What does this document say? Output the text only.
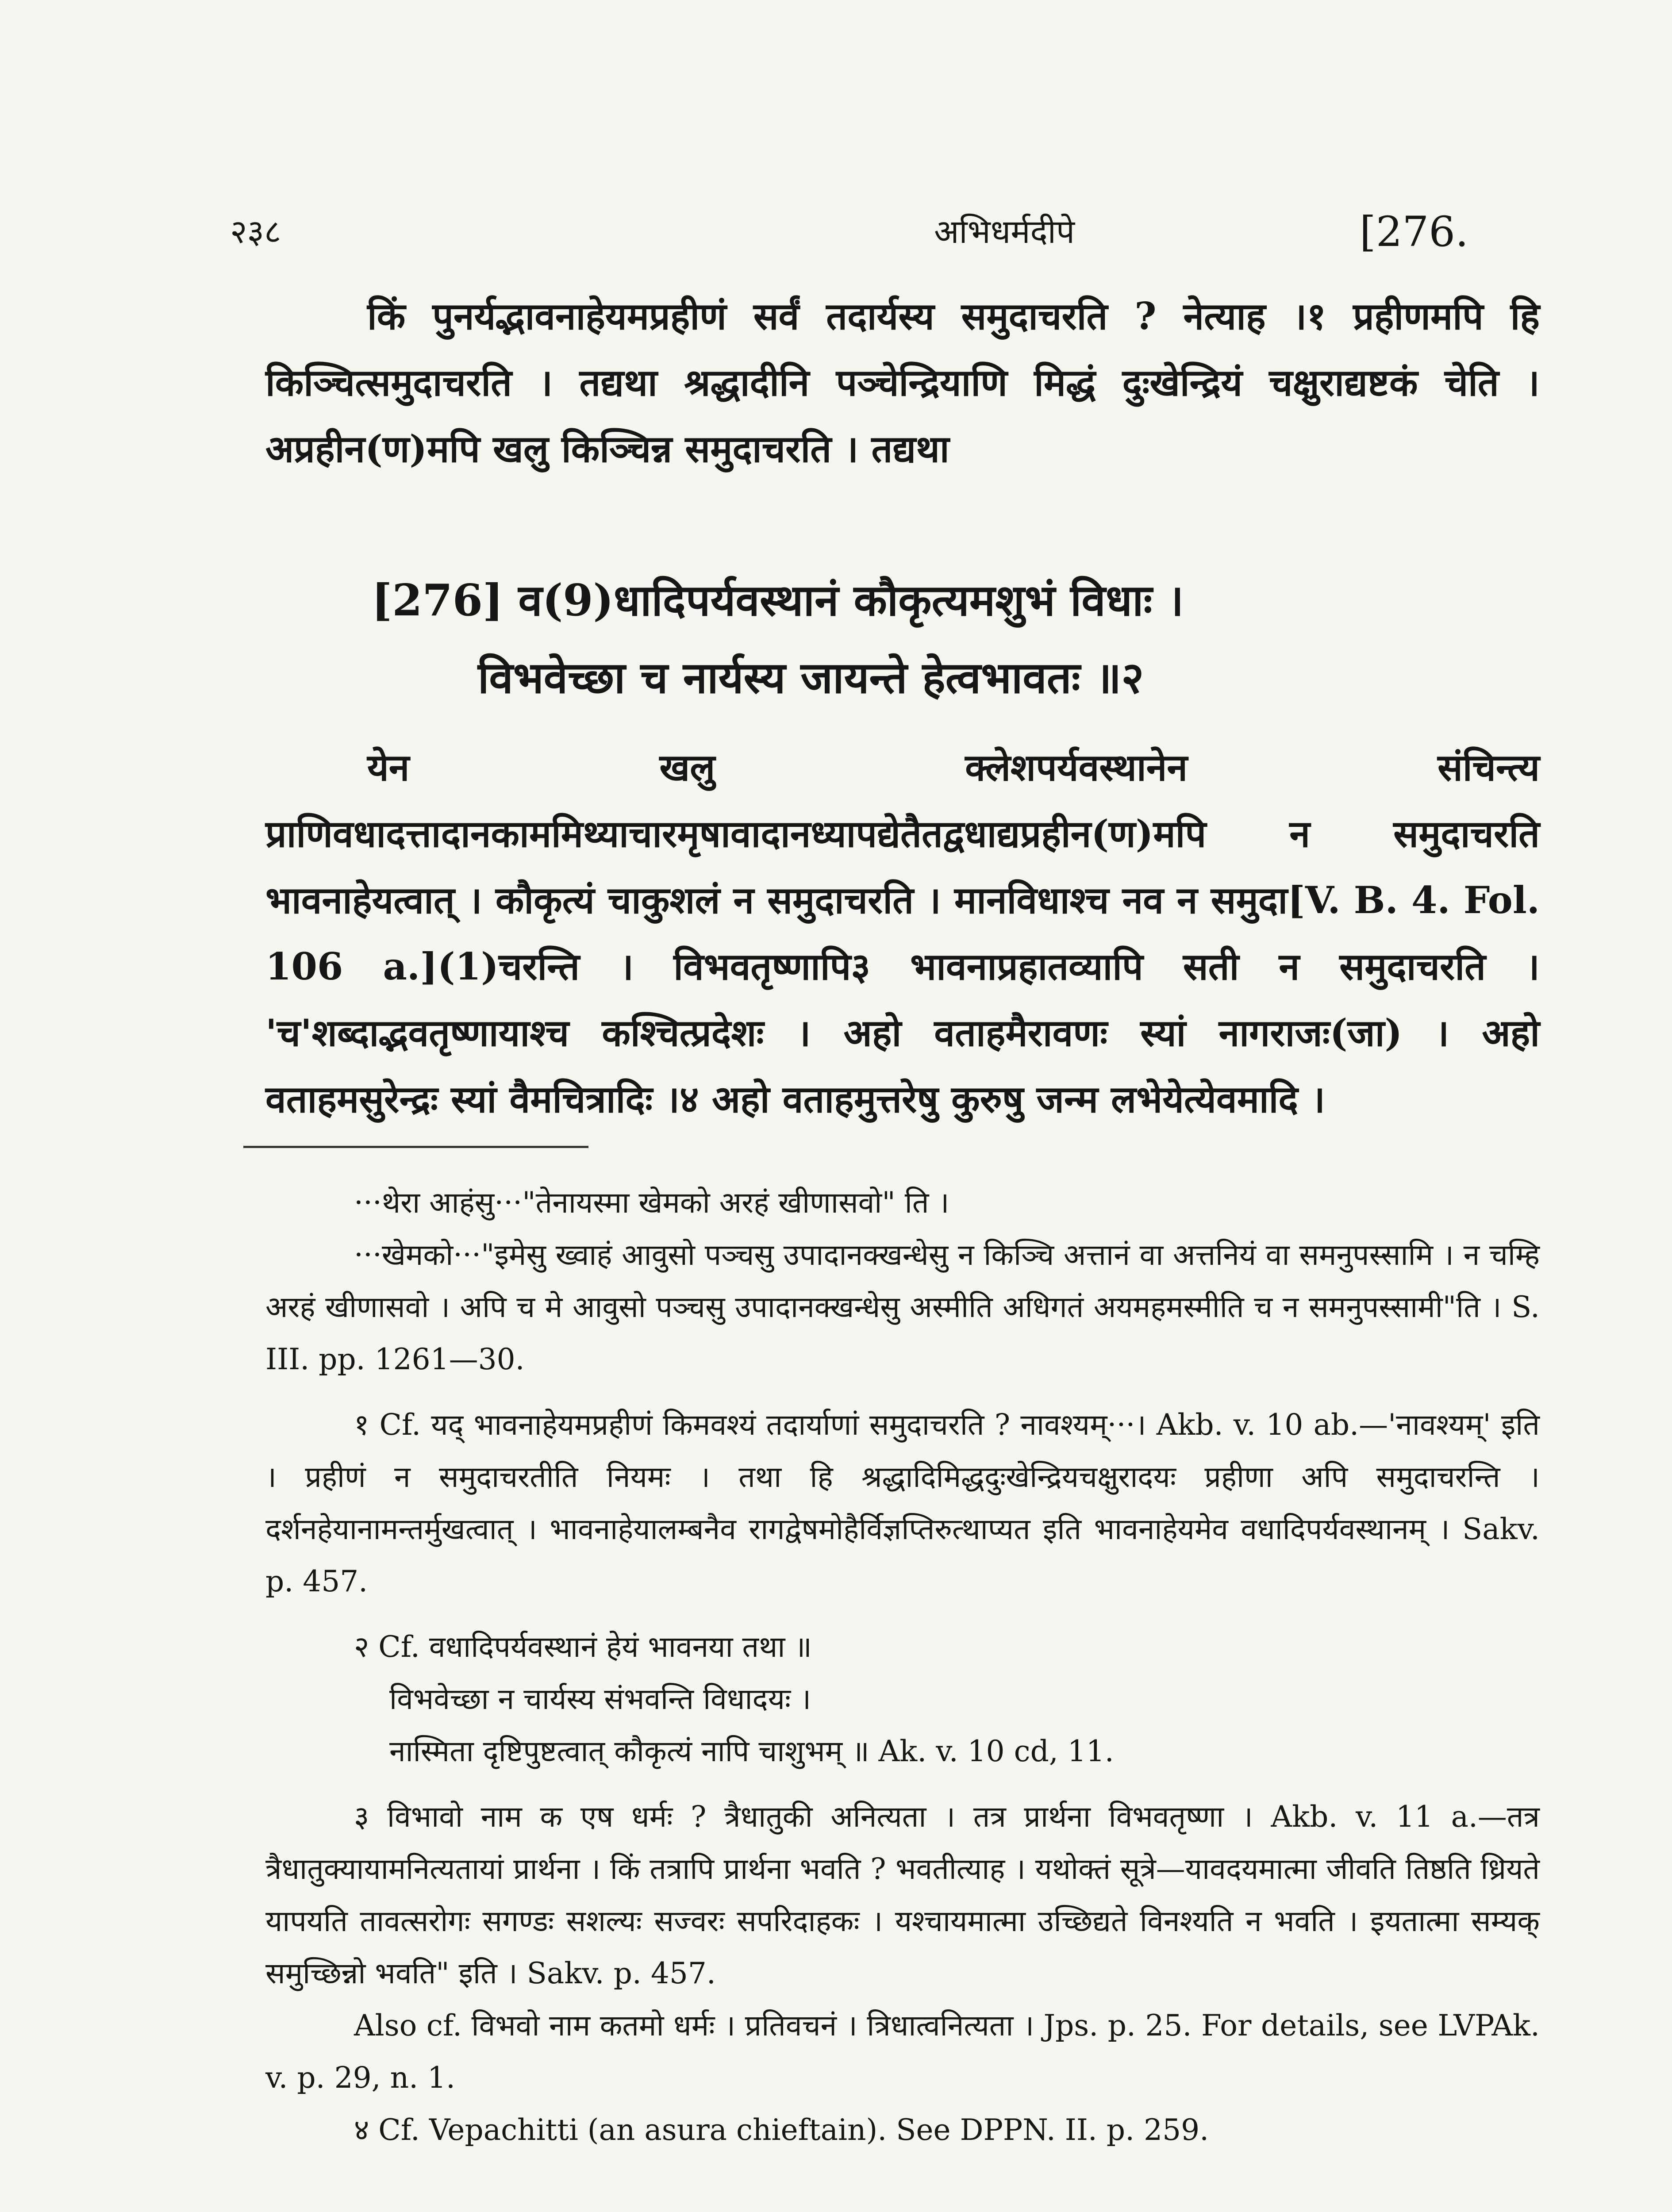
२३८	अभिधर्मदीपे	[276.

किं पुनर्यद्भावनाहेयमप्रहीणं सर्वं तदार्यस्य समुदाचरति ? नेत्याह ।१ प्रहीणमपि हि किञ्चित्समुदाचरति । तद्यथा श्रद्धादीनि पञ्चेन्द्रियाणि मिद्धं दुःखेन्द्रियं चक्षुराद्यष्टकं चेति । अप्रहीन(ण)मपि खलु किञ्चिन्न समुदाचरति । तद्यथा

[276] व(9)धादिपर्यवस्थानं कौकृत्यमशुभं विधाः ।

विभवेच्छा च नार्यस्य जायन्ते हेत्वभावतः ॥२

येन खलु क्लेशपर्यवस्थानेन संचिन्त्य प्राणिवधादत्तादानकाममिथ्याचारमृषावादानध्यापद्येतैतद्वधाद्यप्रहीन(ण)मपि न समुदाचरति भावनाहेयत्वात् । कौकृत्यं चाकुशलं न समुदाचरति । मानविधाश्च नव न समुदा[V. B. 4. Fol. 106 a.](1)चरन्ति । विभवतृष्णापि३ भावनाप्रहातव्यापि सती न समुदाचरति । 'च'शब्दाद्भवतृष्णायाश्च कश्चित्प्रदेशः । अहो वताहमैरावणः स्यां नागराजः(जा) । अहो वताहमसुरेन्द्रः स्यां वैमचित्रादिः ।४ अहो वताहमुत्तरेषु कुरुषु जन्म लभेयेत्येवमादि ।

···थेरा आहंसु···"तेनायस्मा खेमको अरहं खीणासवो" ति ।

···खेमको···"इमेसु ख्वाहं आवुसो पञ्चसु उपादानक्खन्धेसु न किञ्चि अत्तानं वा अत्तनियं वा समनुपस्सामि । न चम्हि अरहं खीणासवो । अपि च मे आवुसो पञ्चसु उपादानक्खन्धेसु अस्मीति अधिगतं अयमहमस्मीति च न समनुपस्सामी"ति । S. III. pp. 1261—30.

१ Cf. यद् भावनाहेयमप्रहीणं किमवश्यं तदार्याणां समुदाचरति ? नावश्यम्···। Akb. v. 10 ab.—'नावश्यम्' इति । प्रहीणं न समुदाचरतीति नियमः । तथा हि श्रद्धादिमिद्धदुःखेन्द्रियचक्षुरादयः प्रहीणा अपि समुदाचरन्ति । दर्शनहेयानामन्तर्मुखत्वात् । भावनाहेयालम्बनैव रागद्वेषमोहैर्विज्ञप्तिरुत्थाप्यत इति भावनाहेयमेव वधादिपर्यवस्थानम् । Sakv. p. 457.

२ Cf. वधादिपर्यवस्थानं हेयं भावनया तथा ॥

विभवेच्छा न चार्यस्य संभवन्ति विधादयः ।

नास्मिता दृष्टिपुष्टत्वात् कौकृत्यं नापि चाशुभम् ॥ Ak. v. 10 cd, 11.

३ विभावो नाम क एष धर्मः ? त्रैधातुकी अनित्यता । तत्र प्रार्थना विभवतृष्णा । Akb. v. 11 a.—तत्र त्रैधातुक्यायामनित्यतायां प्रार्थना । किं तत्रापि प्रार्थना भवति ? भवतीत्याह । यथोक्तं सूत्रे—यावदयमात्मा जीवति तिष्ठति ध्रियते यापयति तावत्सरोगः सगण्डः सशल्यः सज्वरः सपरिदाहकः । यश्चायमात्मा उच्छिद्यते विनश्यति न भवति । इयतात्मा सम्यक् समुच्छिन्नो भवति" इति । Sakv. p. 457.

Also cf. विभवो नाम कतमो धर्मः । प्रतिवचनं । त्रिधात्वनित्यता । Jps. p. 25. For details, see LVPAk. v. p. 29, n. 1.

४ Cf. Vepachitti (an asura chieftain). See DPPN. II. p. 259.
